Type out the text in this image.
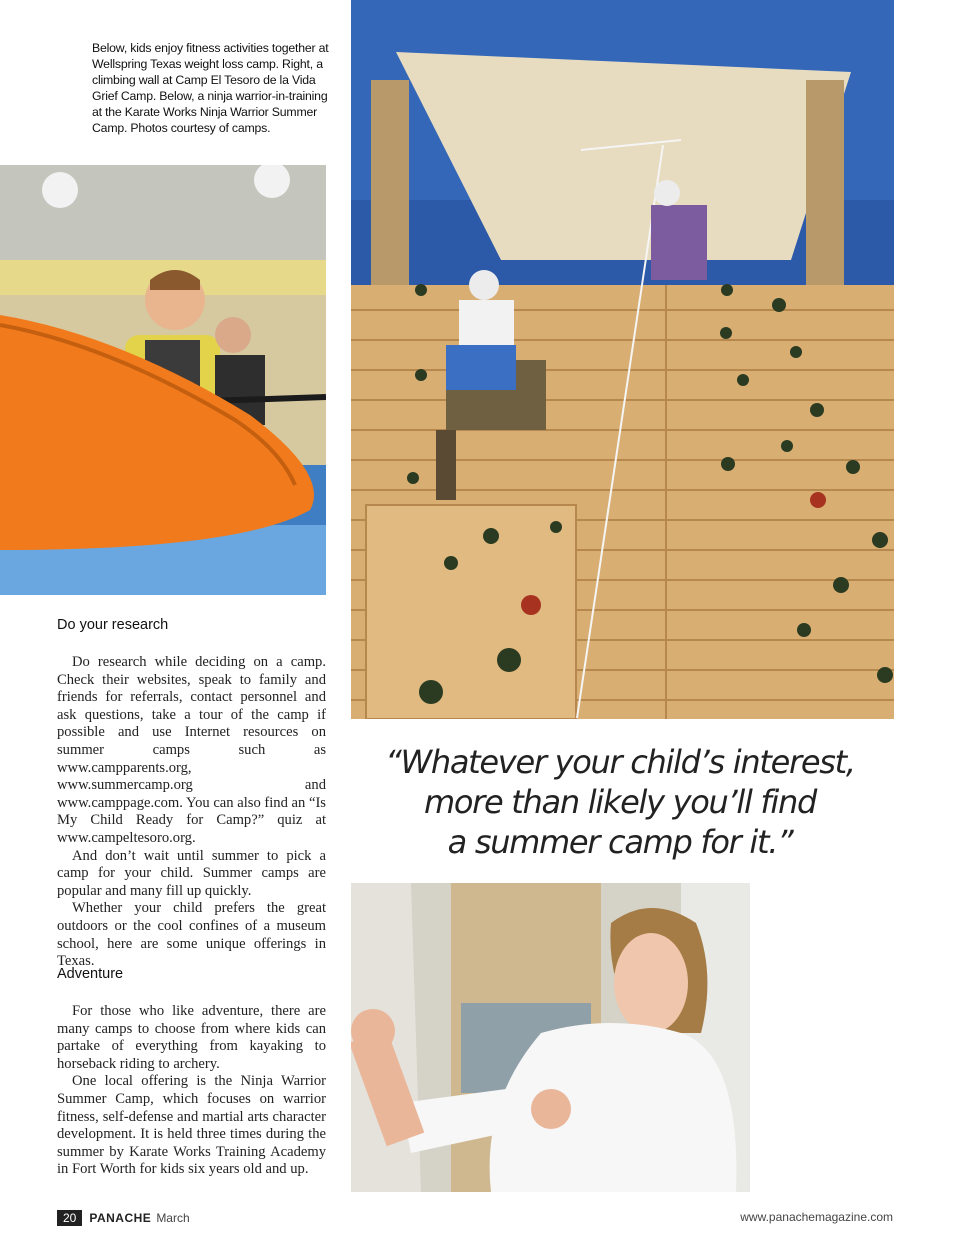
Below, kids enjoy fitness activities together at Wellspring Texas weight loss camp. Right, a climbing wall at Camp El Tesoro de la Vida Grief Camp. Below, a ninja warrior-in-training at the Karate Works Ninja Warrior Summer Camp. Photos courtesy of camps.
Do your research

Do research while deciding on a camp. Check their websites, speak to family and friends for referrals, contact personnel and ask questions, take a tour of the camp if possible and use Internet resources on summer camps such as www.campparents.org, www.summercamp.org and www.camppage.com. You can also find an “Is My Child Ready for Camp?” quiz at www.campeltesoro.org.

And don’t wait until summer to pick a camp for your child. Summer camps are popular and many fill up quickly.

Whether your child prefers the great outdoors or the cool confines of a museum school, here are some unique offerings in Texas.

Adventure

For those who like adventure, there are many camps to choose from where kids can partake of everything from kayaking to horseback riding to archery.

One local offering is the Ninja Warrior Summer Camp, which focuses on warrior fitness, self-defense and martial arts character development. It is held three times during the summer by Karate Works Training Academy in Fort Worth for kids six years old and up.

“Whatever your child’s interest,
more than likely you’ll find
a summer camp for it.”
20	PANACHE March	www.panachemagazine.com
